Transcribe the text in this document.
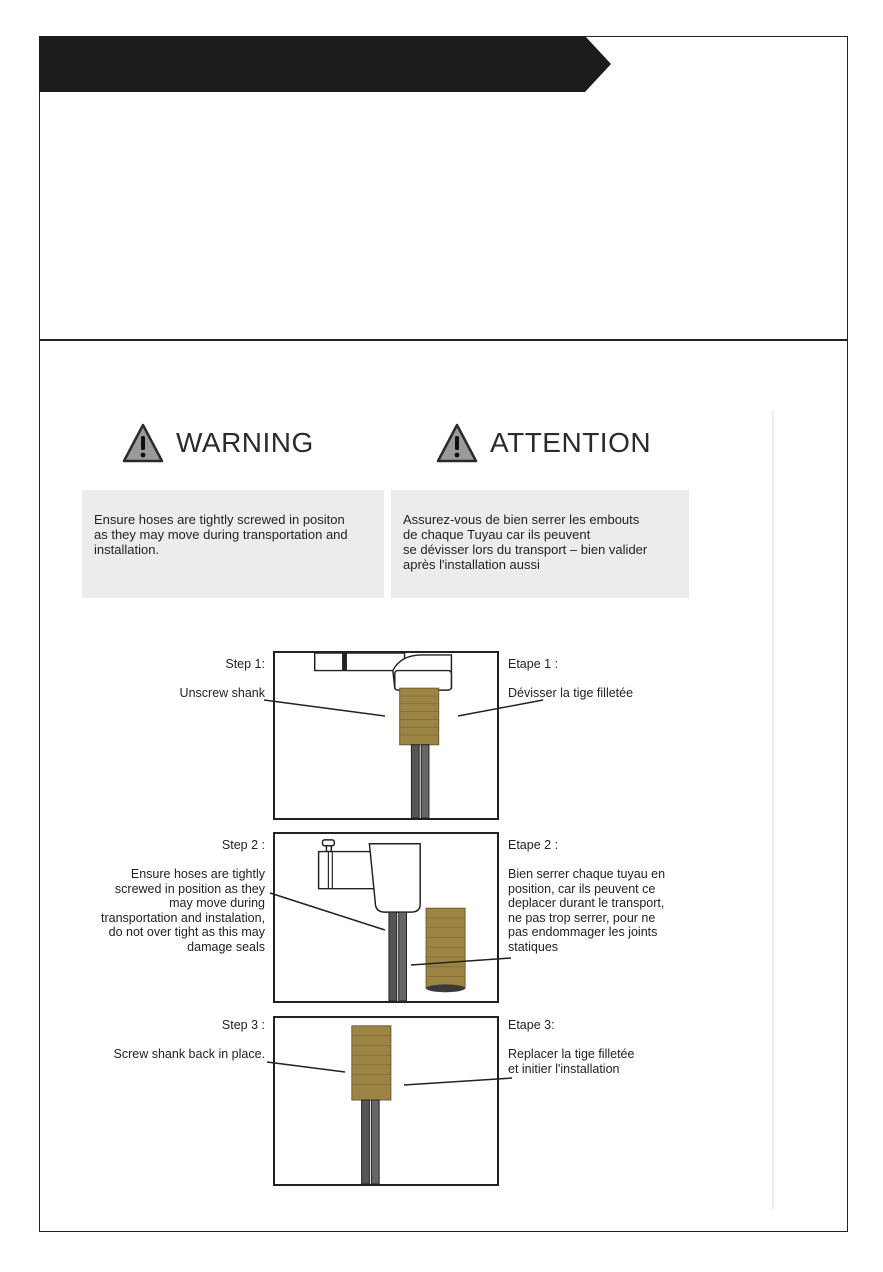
WARNING	ATTENTION
Ensure hoses are tightly screwed in positon
as they may move during transportation and
installation.
Assurez-vous de bien serrer les embouts
de chaque Tuyau car ils peuvent
se dévisser lors du transport – bien valider
après l'installation aussi
Step 1:
Unscrew shank
Etape 1 :
Dévisser la tige filletée
Step 2 :
Ensure hoses are tightly
screwed in position as they
may move during
transportation and instalation,
do not over tight as this may
damage seals
Etape 2 :
Bien serrer chaque tuyau en
position, car ils peuvent ce
deplacer durant le transport,
ne pas trop serrer, pour ne
pas endommager les joints
statiques
Step 3 :
Screw shank back in place.
Etape 3:
Replacer la tige filletée
et initier l'installation
